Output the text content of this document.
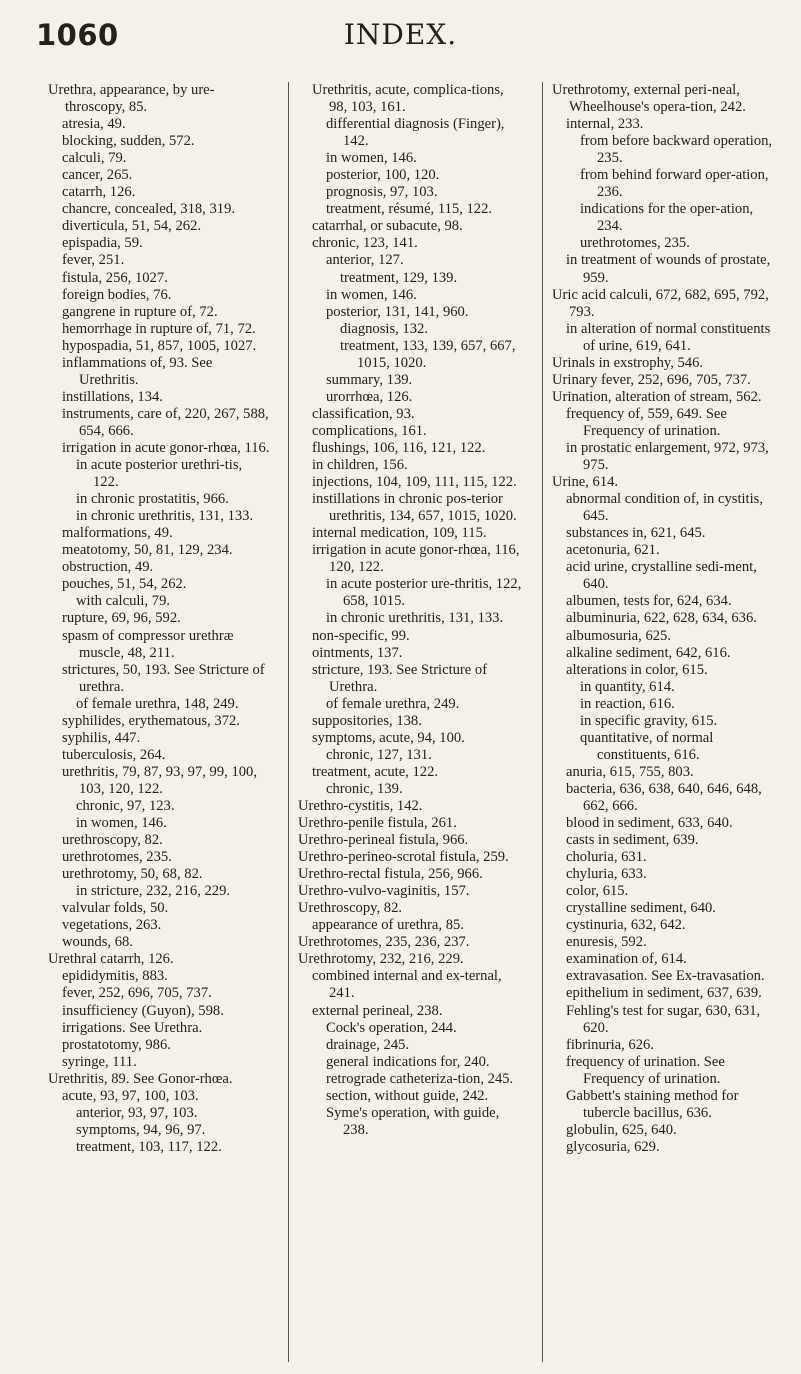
1060	INDEX.

Urethra, appearance, by ure-throscopy, 85.

atresia, 49.

blocking, sudden, 572.

calculi, 79.

cancer, 265.

catarrh, 126.

chancre, concealed, 318, 319.

diverticula, 51, 54, 262.

epispadia, 59.

fever, 251.

fistula, 256, 1027.

foreign bodies, 76.

gangrene in rupture of, 72.

hemorrhage in rupture of, 71, 72.

hypospadia, 51, 857, 1005, 1027.

inflammations of, 93. See Urethritis.

instillations, 134.

instruments, care of, 220, 267, 588, 654, 666.

irrigation in acute gonor-rhœa, 116.

in acute posterior urethri-tis, 122.

in chronic prostatitis, 966.

in chronic urethritis, 131, 133.

malformations, 49.

meatotomy, 50, 81, 129, 234.

obstruction, 49.

pouches, 51, 54, 262.

with calculi, 79.

rupture, 69, 96, 592.

spasm of compressor urethræ muscle, 48, 211.

strictures, 50, 193. See Stricture of urethra.

of female urethra, 148, 249.

syphilides, erythematous, 372.

syphilis, 447.

tuberculosis, 264.

urethritis, 79, 87, 93, 97, 99, 100, 103, 120, 122.

chronic, 97, 123.

in women, 146.

urethroscopy, 82.

urethrotomes, 235.

urethrotomy, 50, 68, 82.

in stricture, 232, 216, 229.

valvular folds, 50.

vegetations, 263.

wounds, 68.

Urethral catarrh, 126.

epididymitis, 883.

fever, 252, 696, 705, 737.

insufficiency (Guyon), 598.

irrigations. See Urethra.

prostatotomy, 986.

syringe, 111.

Urethritis, 89. See Gonor-rhœa.

acute, 93, 97, 100, 103.

anterior, 93, 97, 103.

symptoms, 94, 96, 97.

treatment, 103, 117, 122.

Urethritis, acute, complica-tions, 98, 103, 161.

differential diagnosis (Finger), 142.

in women, 146.

posterior, 100, 120.

prognosis, 97, 103.

treatment, résumé, 115, 122.

catarrhal, or subacute, 98.

chronic, 123, 141.

anterior, 127.

treatment, 129, 139.

in women, 146.

posterior, 131, 141, 960.

diagnosis, 132.

treatment, 133, 139, 657, 667, 1015, 1020.

summary, 139.

urorrhœa, 126.

classification, 93.

complications, 161.

flushings, 106, 116, 121, 122.

in children, 156.

injections, 104, 109, 111, 115, 122.

instillations in chronic pos-terior urethritis, 134, 657, 1015, 1020.

internal medication, 109, 115.

irrigation in acute gonor-rhœa, 116, 120, 122.

in acute posterior ure-thritis, 122, 658, 1015.

in chronic urethritis, 131, 133.

non-specific, 99.

ointments, 137.

stricture, 193. See Stricture of Urethra.

of female urethra, 249.

suppositories, 138.

symptoms, acute, 94, 100.

chronic, 127, 131.

treatment, acute, 122.

chronic, 139.

Urethro-cystitis, 142.

Urethro-penile fistula, 261.

Urethro-perineal fistula, 966.

Urethro-perineo-scrotal fistula, 259.

Urethro-rectal fistula, 256, 966.

Urethro-vulvo-vaginitis, 157.

Urethroscopy, 82.

appearance of urethra, 85.

Urethrotomes, 235, 236, 237.

Urethrotomy, 232, 216, 229.

combined internal and ex-ternal, 241.

external perineal, 238.

Cock's operation, 244.

drainage, 245.

general indications for, 240.

retrograde catheteriza-tion, 245.

section, without guide, 242.

Syme's operation, with guide, 238.

Urethrotomy, external peri-neal, Wheelhouse's opera-tion, 242.

internal, 233.

from before backward operation, 235.

from behind forward oper-ation, 236.

indications for the oper-ation, 234.

urethrotomes, 235.

in treatment of wounds of prostate, 959.

Uric acid calculi, 672, 682, 695, 792, 793.

in alteration of normal constituents of urine, 619, 641.

Urinals in exstrophy, 546.

Urinary fever, 252, 696, 705, 737.

Urination, alteration of stream, 562.

frequency of, 559, 649. See Frequency of urination.

in prostatic enlargement, 972, 973, 975.

Urine, 614.

abnormal condition of, in cystitis, 645.

substances in, 621, 645.

acetonuria, 621.

acid urine, crystalline sedi-ment, 640.

albumen, tests for, 624, 634.

albuminuria, 622, 628, 634, 636.

albumosuria, 625.

alkaline sediment, 642, 616.

alterations in color, 615.

in quantity, 614.

in reaction, 616.

in specific gravity, 615.

quantitative, of normal constituents, 616.

anuria, 615, 755, 803.

bacteria, 636, 638, 640, 646, 648, 662, 666.

blood in sediment, 633, 640.

casts in sediment, 639.

choluria, 631.

chyluria, 633.

color, 615.

crystalline sediment, 640.

cystinuria, 632, 642.

enuresis, 592.

examination of, 614.

extravasation. See Ex-travasation.

epithelium in sediment, 637, 639.

Fehling's test for sugar, 630, 631, 620.

fibrinuria, 626.

frequency of urination. See Frequency of urination.

Gabbett's staining method for tubercle bacillus, 636.

globulin, 625, 640.

glycosuria, 629.
